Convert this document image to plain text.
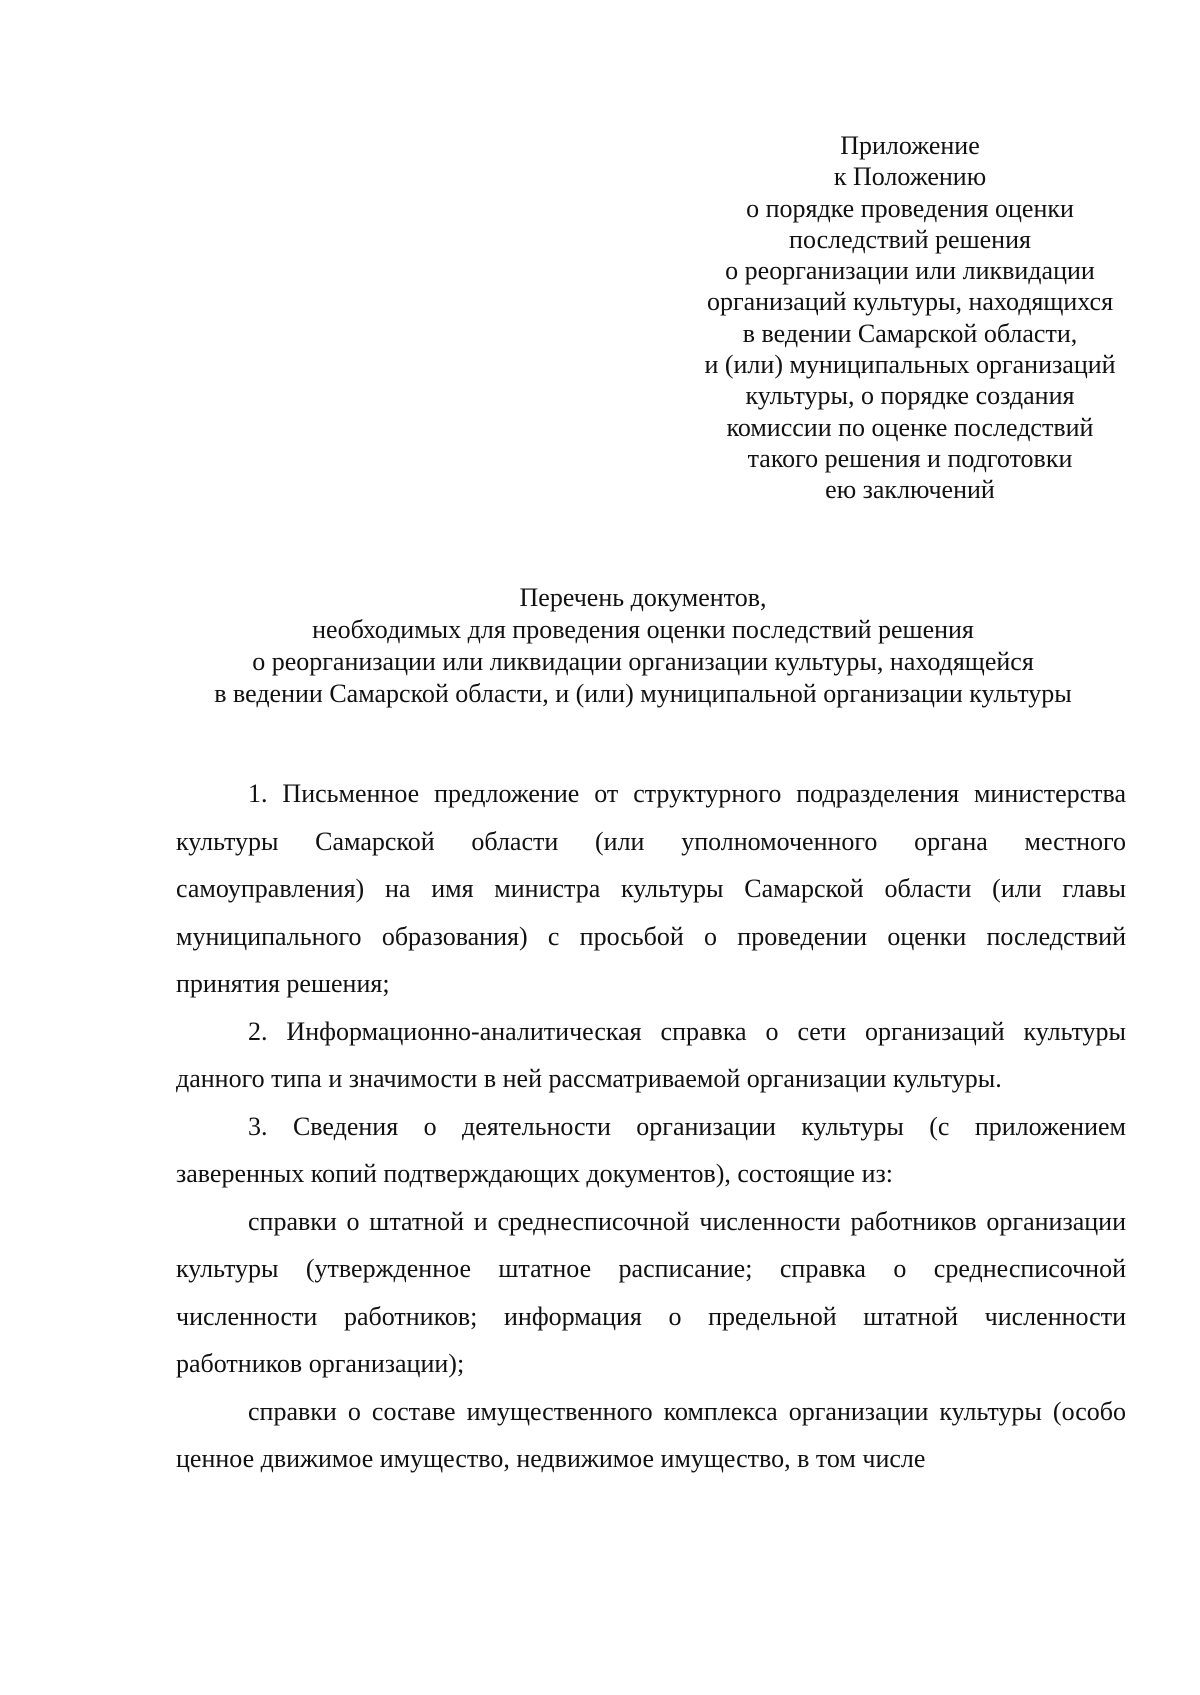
Приложение
к Положению
о порядке проведения оценки
последствий решения
о реорганизации или ликвидации
организаций культуры, находящихся
в ведении Самарской области,
и (или) муниципальных организаций
культуры, о порядке создания
комиссии по оценке последствий
такого решения и подготовки
ею заключений
Перечень документов,
необходимых для проведения оценки последствий решения
о реорганизации или ликвидации организации культуры, находящейся
в ведении Самарской области, и (или) муниципальной организации культуры

1. Письменное предложение от структурного подразделения министерства культуры Самарской области (или уполномоченного органа местного самоуправления) на имя министра культуры Самарской области (или главы муниципального образования) с просьбой о проведении оценки последствий принятия решения;

2. Информационно-аналитическая справка о сети организаций культуры данного типа и значимости в ней рассматриваемой организации культуры.

3. Сведения о деятельности организации культуры (с приложением заверенных копий подтверждающих документов), состоящие из:

справки о штатной и среднесписочной численности работников организации культуры (утвержденное штатное расписание; справка о среднесписочной численности работников; информация о предельной штатной численности работников организации);

справки о составе имущественного комплекса организации культуры (особо ценное движимое имущество, недвижимое имущество, в том числе
